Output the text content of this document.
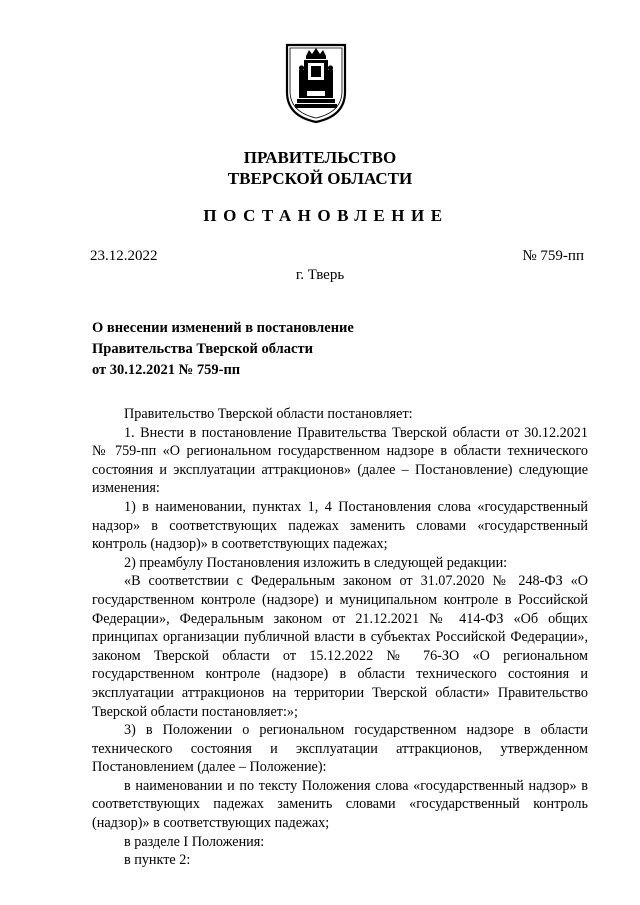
ПРАВИТЕЛЬСТВО
ТВЕРСКОЙ ОБЛАСТИ
ПОСТАНОВЛЕНИЕ
23.12.2022	№ 759-пп
г. Тверь
О внесении изменений в постановление
Правительства Тверской области
от 30.12.2021 № 759-пп

Правительство Тверской области постановляет:

1. Внести в постановление Правительства Тверской области от 30.12.2021 № 759-пп «О региональном государственном надзоре в области технического состояния и эксплуатации аттракционов» (далее – Постановление) следующие изменения:

1) в наименовании, пунктах 1, 4 Постановления слова «государственный надзор» в соответствующих падежах заменить словами «государственный контроль (надзор)» в соответствующих падежах;

2) преамбулу Постановления изложить в следующей редакции:

«В соответствии с Федеральным законом от 31.07.2020 № 248-ФЗ «О государственном контроле (надзоре) и муниципальном контроле в Российской Федерации», Федеральным законом от 21.12.2021 № 414-ФЗ «Об общих принципах организации публичной власти в субъектах Российской Федерации», законом Тверской области от 15.12.2022 № 76-ЗО «О региональном государственном контроле (надзоре) в области технического состояния и эксплуатации аттракционов на территории Тверской области» Правительство Тверской области постановляет:»;

3) в Положении о региональном государственном надзоре в области технического состояния и эксплуатации аттракционов, утвержденном Постановлением (далее – Положение):

в наименовании и по тексту Положения слова «государственный надзор» в соответствующих падежах заменить словами «государственный контроль (надзор)» в соответствующих падежах;

в разделе I Положения:

в пункте 2:
